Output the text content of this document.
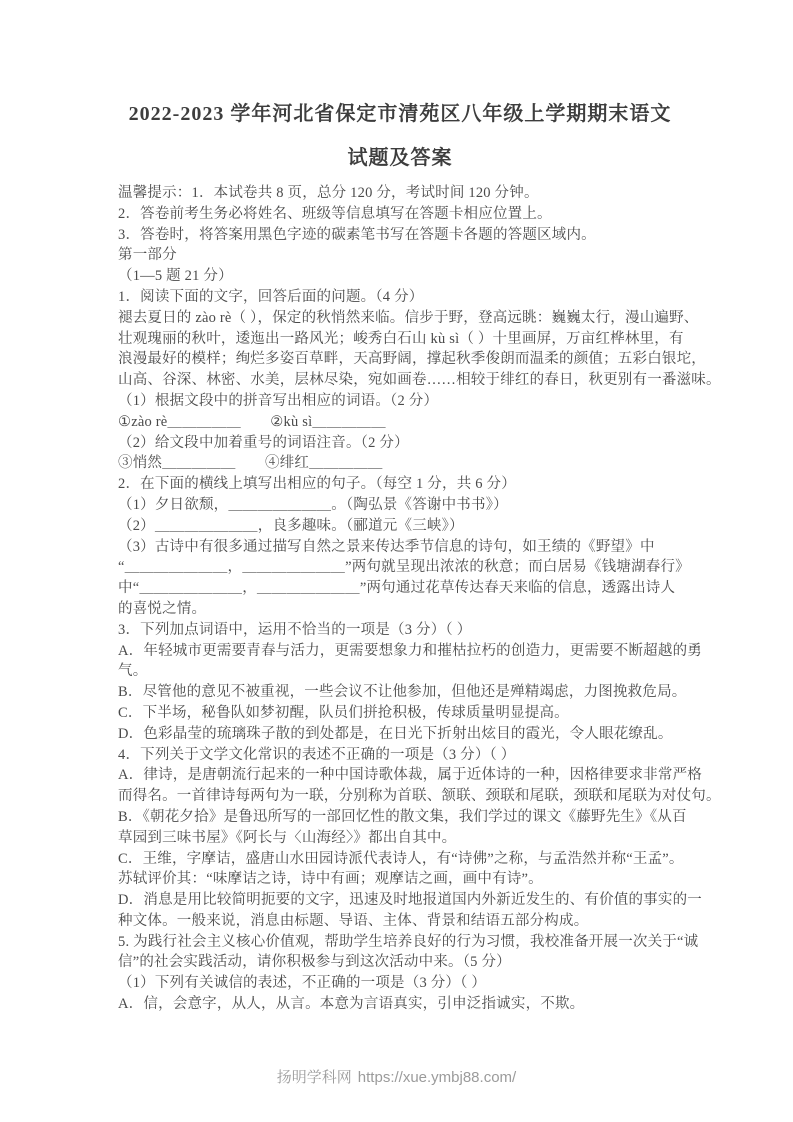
2022-2023 学年河北省保定市清苑区八年级上学期期末语文
试题及答案
温馨提示：1．本试卷共 8 页，总分 120 分，考试时间 120 分钟。
2．答卷前考生务必将姓名、班级等信息填写在答题卡相应位置上。
3．答卷时，将答案用黑色字迹的碳素笔书写在答题卡各题的答题区域内。
第一部分
（1—5 题 21 分）
1．阅读下面的文字，回答后面的问题。（4 分）
褪去夏日的 zào rè（ ），保定的秋悄然来临。信步于野，登高远眺：巍巍太行，漫山遍野、
壮观瑰丽的秋叶，逶迤出一路风光；峻秀白石山 kù sì（ ）十里画屏，万亩红桦林里，有
浪漫最好的模样；绚烂多姿百草畔，天高野阔，撑起秋季俊朗而温柔的颜值；五彩白银坨，
山高、谷深、林密、水美，层林尽染，宛如画卷……相较于绯红的春日，秋更别有一番滋味。
（1）根据文段中的拼音写出相应的词语。（2 分）
①zào rè＿＿＿＿＿　　②kù sì＿＿＿＿＿
（2）给文段中加着重号的词语注音。（2 分）
③悄然＿＿＿＿＿　　④绯红＿＿＿＿＿
2．在下面的横线上填写出相应的句子。（每空 1 分，共 6 分）
（1）夕日欲颓，＿＿＿＿＿＿＿。（陶弘景《答谢中书书》）
（2）＿＿＿＿＿＿＿，良多趣味。（郦道元《三峡》）
（3）古诗中有很多通过描写自然之景来传达季节信息的诗句，如王绩的《野望》中
“＿＿＿＿＿＿＿，＿＿＿＿＿＿＿”两句就呈现出浓浓的秋意；而白居易《钱塘湖春行》
中“＿＿＿＿＿＿＿，＿＿＿＿＿＿＿”两句通过花草传达春天来临的信息，透露出诗人
的喜悦之情。
3．下列加点词语中，运用不恰当的一项是（3 分）（ ）
A．年轻城市更需要青春与活力，更需要想象力和摧枯拉朽的创造力，更需要不断超越的勇
气。
B．尽管他的意见不被重视，一些会议不让他参加，但他还是殚精竭虑，力图挽救危局。
C．下半场，秘鲁队如梦初醒，队员们拼抢积极，传球质量明显提高。
D．色彩晶莹的琉璃珠子散的到处都是，在日光下折射出炫目的霞光，令人眼花缭乱。
4．下列关于文学文化常识的表述不正确的一项是（3 分）（ ）
A．律诗，是唐朝流行起来的一种中国诗歌体裁，属于近体诗的一种，因格律要求非常严格
而得名。一首律诗每两句为一联，分别称为首联、颔联、颈联和尾联，颈联和尾联为对仗句。
B．《朝花夕拾》是鲁迅所写的一部回忆性的散文集，我们学过的课文《藤野先生》《从百
草园到三味书屋》《阿长与〈山海经〉》都出自其中。
C．王维，字摩诘，盛唐山水田园诗派代表诗人，有“诗佛”之称，与孟浩然并称“王孟”。
苏轼评价其：“味摩诘之诗，诗中有画；观摩诘之画，画中有诗”。
D．消息是用比较简明扼要的文字，迅速及时地报道国内外新近发生的、有价值的事实的一
种文体。一般来说，消息由标题、导语、主体、背景和结语五部分构成。
5. 为践行社会主义核心价值观，帮助学生培养良好的行为习惯，我校准备开展一次关于“诚
信”的社会实践活动，请你积极参与到这次活动中来。（5 分）
（1）下列有关诚信的表述，不正确的一项是（3 分）（ ）
A．信，会意字，从人，从言。本意为言语真实，引申泛指诚实，不欺。
扬明学科网 https://xue.ymbj88.com/
